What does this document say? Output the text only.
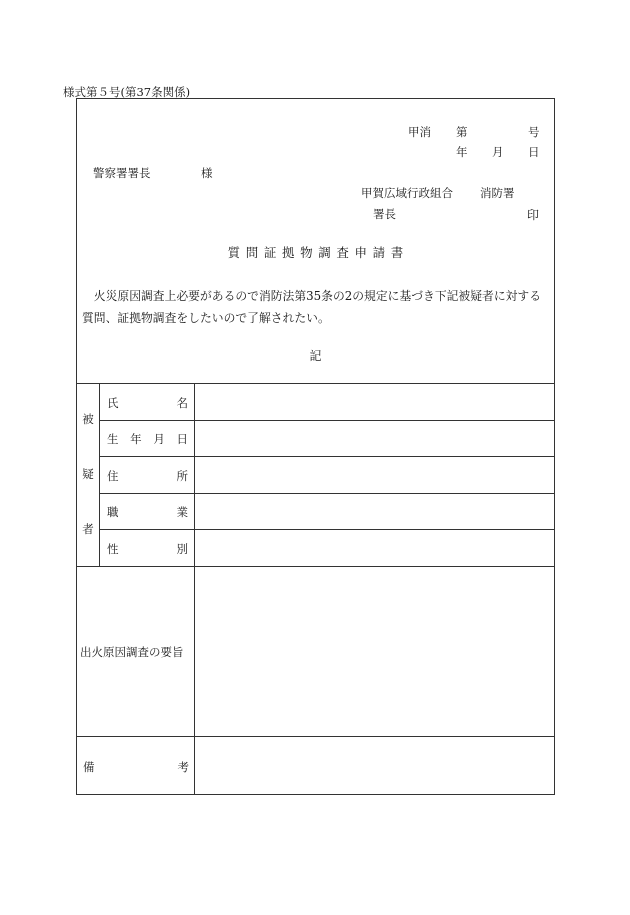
様式第５号(第37条関係)
甲消 第	号
年 月 日
警察署署長	様
甲賀広域行政組合 消防署
署長	印
質問証拠物調査申請書
火災原因調査上必要があるので消防法第35条の2の規定に基づき下記被疑者に対する質問、証拠物調査をしたいので了解されたい。
記
被
疑
者
氏	名
生 年 月 日
住	所
職	業
性	別
出火原因調査の要旨
備	考
